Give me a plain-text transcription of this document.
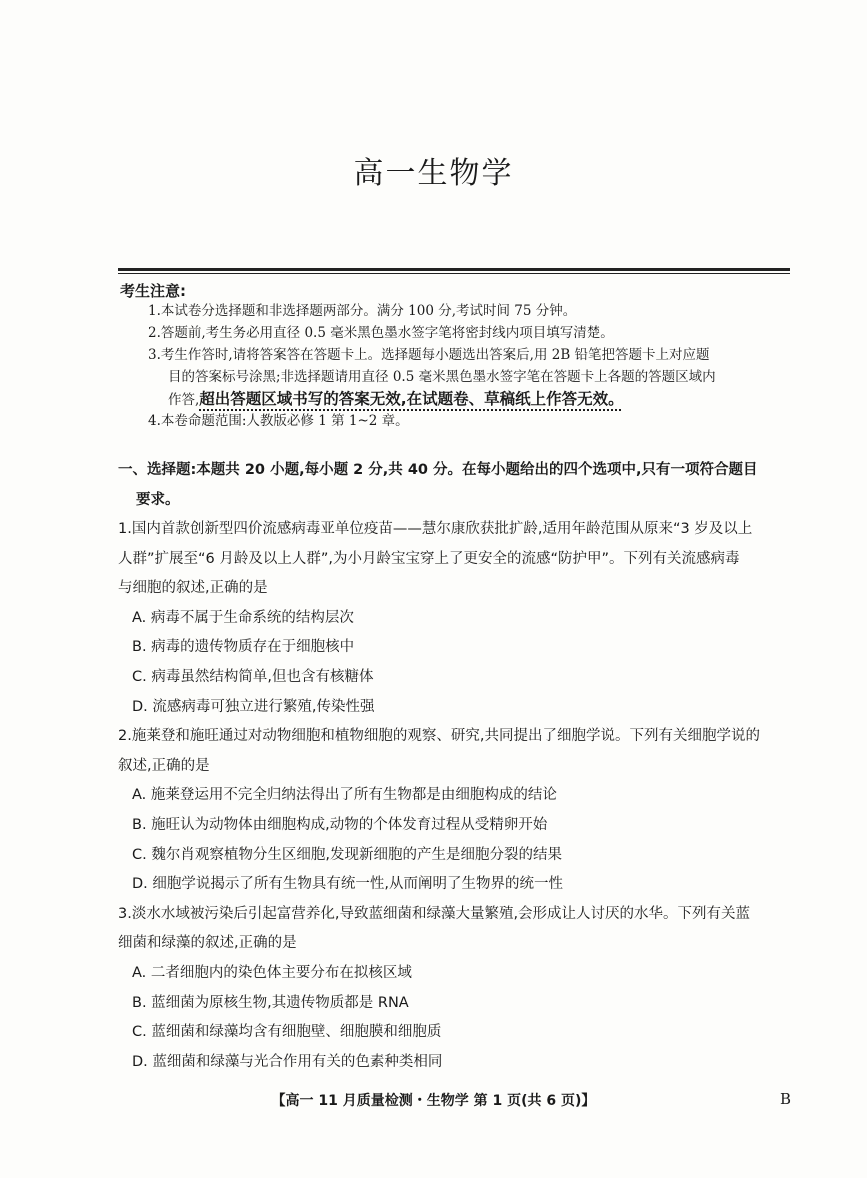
高一生物学
考生注意:
1.本试卷分选择题和非选择题两部分。满分 100 分,考试时间 75 分钟。
2.答题前,考生务必用直径 0.5 毫米黑色墨水签字笔将密封线内项目填写清楚。
3.考生作答时,请将答案答在答题卡上。选择题每小题选出答案后,用 2B 铅笔把答题卡上对应题
目的答案标号涂黑;非选择题请用直径 0.5 毫米黑色墨水签字笔在答题卡上各题的答题区域内
作答,超出答题区域书写的答案无效,在试题卷、草稿纸上作答无效。
4.本卷命题范围:人教版必修 1 第 1~2 章。
一、选择题:本题共 20 小题,每小题 2 分,共 40 分。在每小题给出的四个选项中,只有一项符合题目
要求。
1.国内首款创新型四价流感病毒亚单位疫苗——慧尔康欣获批扩龄,适用年龄范围从原来“3 岁及以上
人群”扩展至“6 月龄及以上人群”,为小月龄宝宝穿上了更安全的流感“防护甲”。下列有关流感病毒
与细胞的叙述,正确的是
A. 病毒不属于生命系统的结构层次
B. 病毒的遗传物质存在于细胞核中
C. 病毒虽然结构简单,但也含有核糖体
D. 流感病毒可独立进行繁殖,传染性强
2.施莱登和施旺通过对动物细胞和植物细胞的观察、研究,共同提出了细胞学说。下列有关细胞学说的
叙述,正确的是
A. 施莱登运用不完全归纳法得出了所有生物都是由细胞构成的结论
B. 施旺认为动物体由细胞构成,动物的个体发育过程从受精卵开始
C. 魏尔肖观察植物分生区细胞,发现新细胞的产生是细胞分裂的结果
D. 细胞学说揭示了所有生物具有统一性,从而阐明了生物界的统一性
3.淡水水域被污染后引起富营养化,导致蓝细菌和绿藻大量繁殖,会形成让人讨厌的水华。下列有关蓝
细菌和绿藻的叙述,正确的是
A. 二者细胞内的染色体主要分布在拟核区域
B. 蓝细菌为原核生物,其遗传物质都是 RNA
C. 蓝细菌和绿藻均含有细胞壁、细胞膜和细胞质
D. 蓝细菌和绿藻与光合作用有关的色素种类相同
【高一 11 月质量检测・生物学 第 1 页(共 6 页)】	B
